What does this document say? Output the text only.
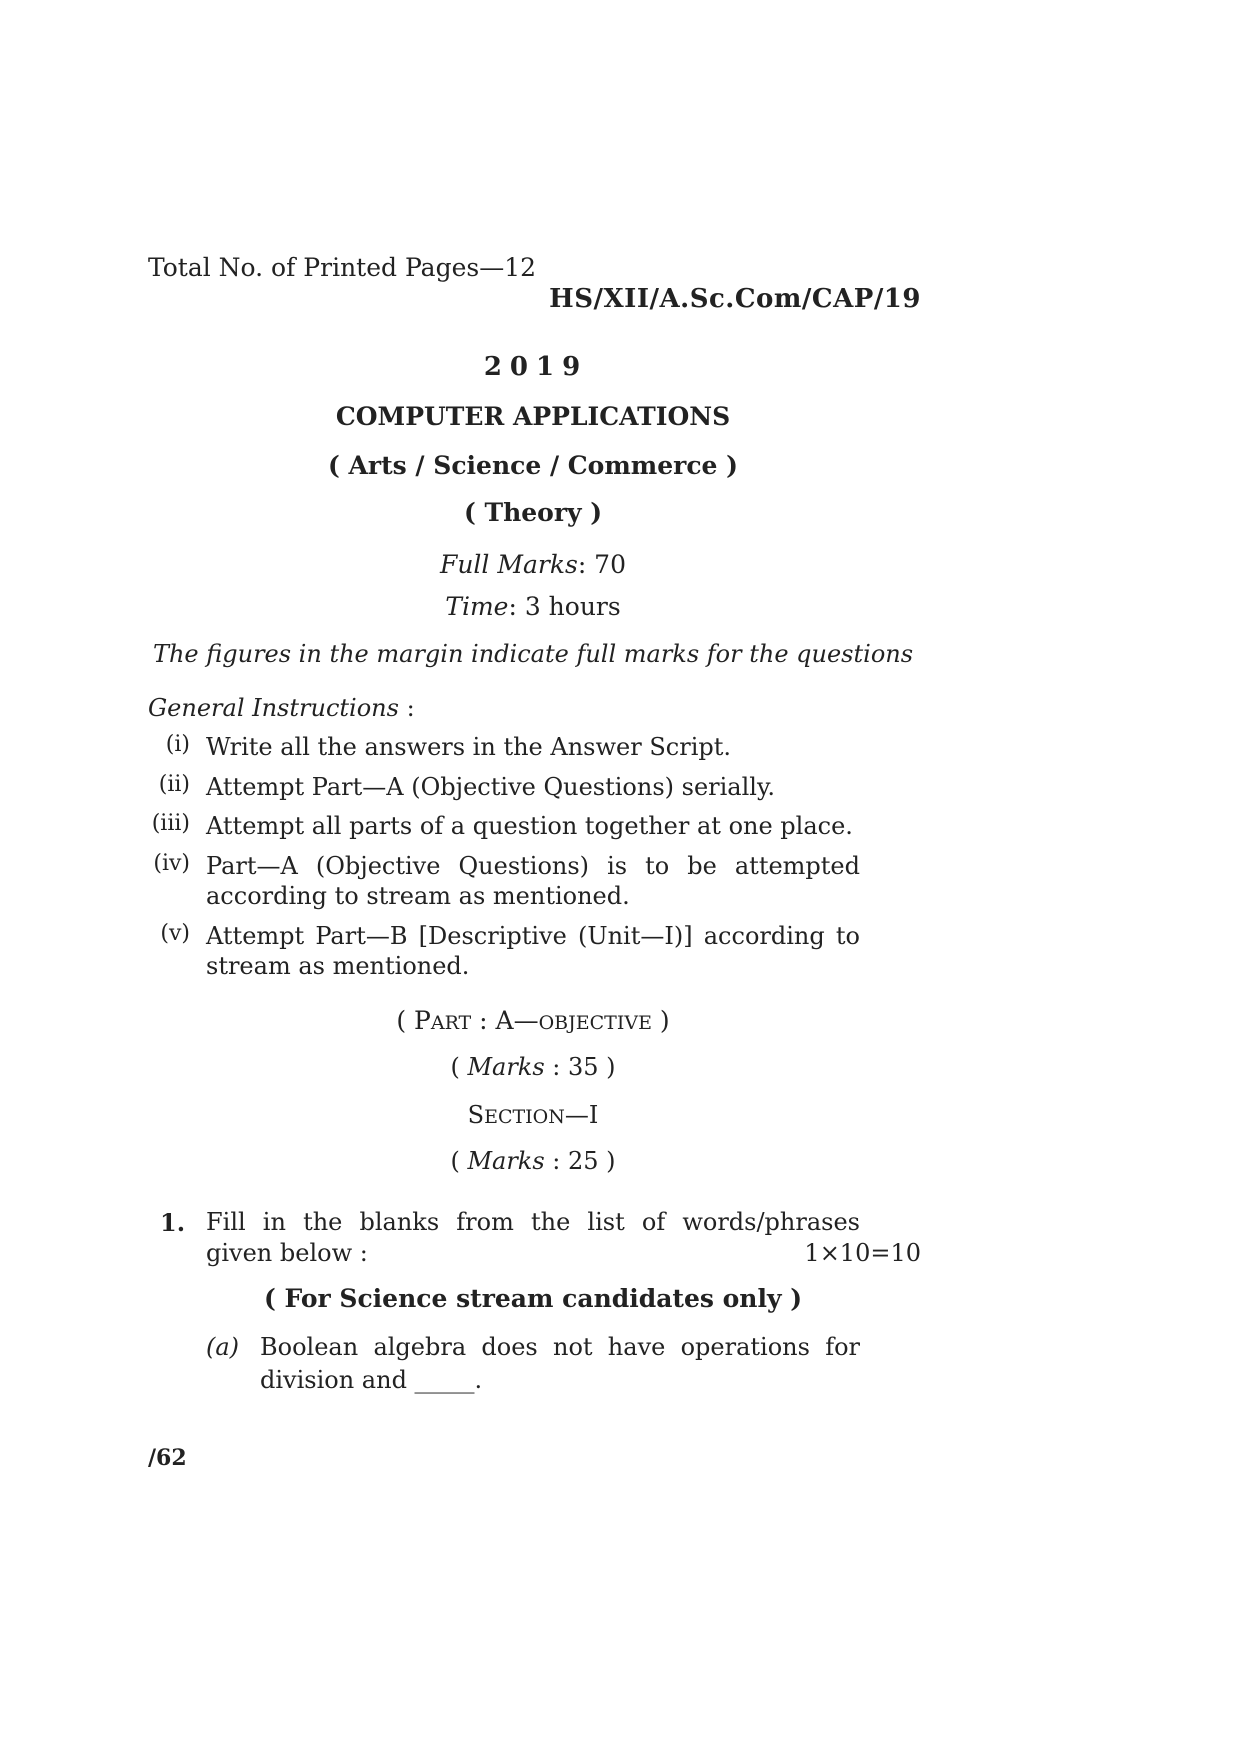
Total No. of Printed Pages—12
HS/XII/A.Sc.Com/CAP/19
2019
COMPUTER APPLICATIONS
( Arts / Science / Commerce )
( Theory )
Full Marks: 70
Time: 3 hours
The figures in the margin indicate full marks for the questions
General Instructions :
(i) Write all the answers in the Answer Script.
(ii) Attempt Part—A (Objective Questions) serially.
(iii) Attempt all parts of a question together at one place.
(iv) Part—A (Objective Questions) is to be attempted
according to stream as mentioned.
(v) Attempt Part—B [Descriptive (Unit—I)] according to
stream as mentioned.
( PART : A—OBJECTIVE )
( Marks : 35 )
SECTION—I
( Marks : 25 )
1. Fill in the blanks from the list of words/phrases
given below :	1×10=10
( For Science stream candidates only )
(a) Boolean algebra does not have operations for
division and _____.
/62
